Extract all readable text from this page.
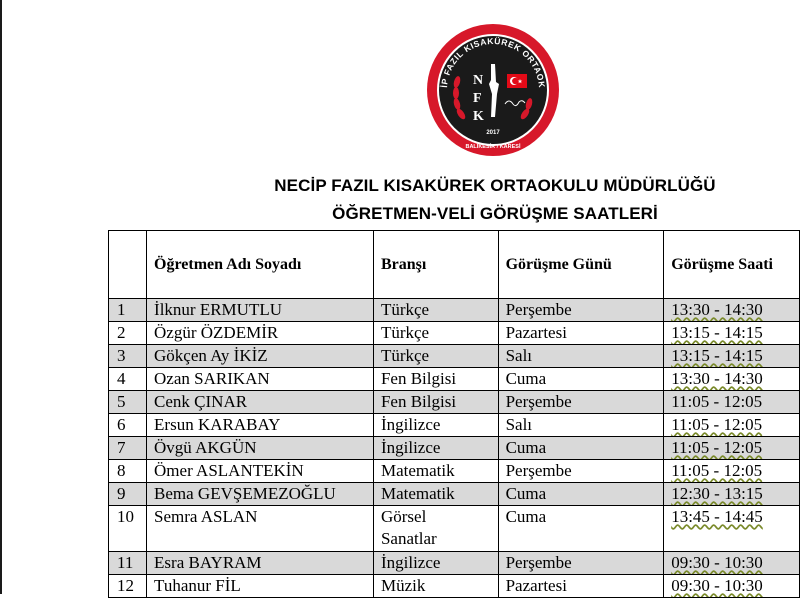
İP FAZIL KISAKÜREK ORTAOK
N
F
K
2017
BALIKESİR / KARESİ
NECİP FAZIL KISAKÜREK ORTAOKULU MÜDÜRLÜĞÜ
ÖĞRETMEN-VELİ GÖRÜŞME SAATLERİ
	Öğretmen Adı Soyadı	Branşı	Görüşme Günü	Görüşme Saati
1	İlknur ERMUTLU	Türkçe	Perşembe	13:30 - 14:30
2	Özgür ÖZDEMİR	Türkçe	Pazartesi	13:15 - 14:15
3	Gökçen Ay İKİZ	Türkçe	Salı	13:15 - 14:15
4	Ozan SARIKAN	Fen Bilgisi	Cuma	13:30 - 14:30
5	Cenk ÇINAR	Fen Bilgisi	Perşembe	11:05 - 12:05
6	Ersun KARABAY	İngilizce	Salı	11:05 - 12:05
7	Övgü AKGÜN	İngilizce	Cuma	11:05 - 12:05
8	Ömer ASLANTEKİN	Matematik	Perşembe	11:05 - 12:05
9	Bema GEVŞEMEZOĞLU	Matematik	Cuma	12:30 - 13:15
10	Semra ASLAN	Görsel Sanatlar	Cuma	13:45 - 14:45
11	Esra BAYRAM	İngilizce	Perşembe	09:30 - 10:30
12	Tuhanur FİL	Müzik	Pazartesi	09:30 - 10:30
